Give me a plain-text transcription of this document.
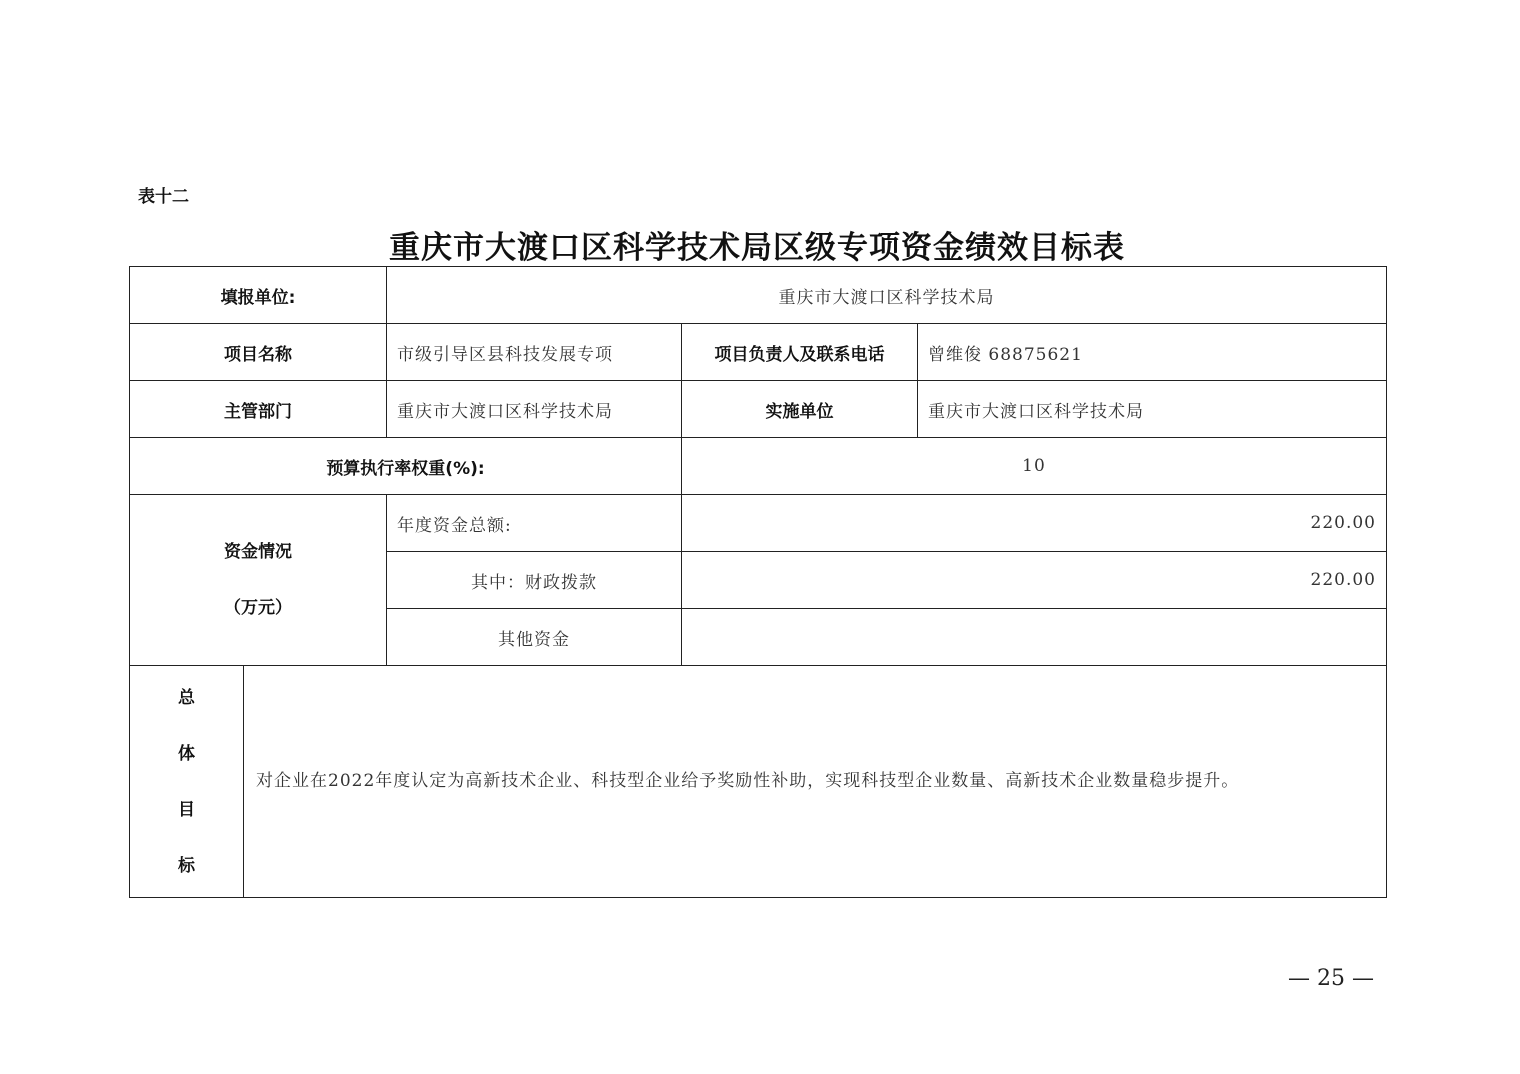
表十二
重庆市大渡口区科学技术局区级专项资金绩效目标表
填报单位:		重庆市大渡口区科学技术局		
项目名称		市级引导区县科技发展专项	项目负责人及联系电话	曾维俊 68875621
主管部门		重庆市大渡口区科学技术局	实施单位	重庆市大渡口区科学技术局
预算执行率权重(%):			10	

资金情况
（万元）		年度资金总额:	220.00	
		其中：财政拨款	220.00	
		其他资金		

总
体
目
标	对企业在2022年度认定为高新技术企业、科技型企业给予奖励性补助，实现科技型企业数量、高新技术企业数量稳步提升。			
— 25 —
